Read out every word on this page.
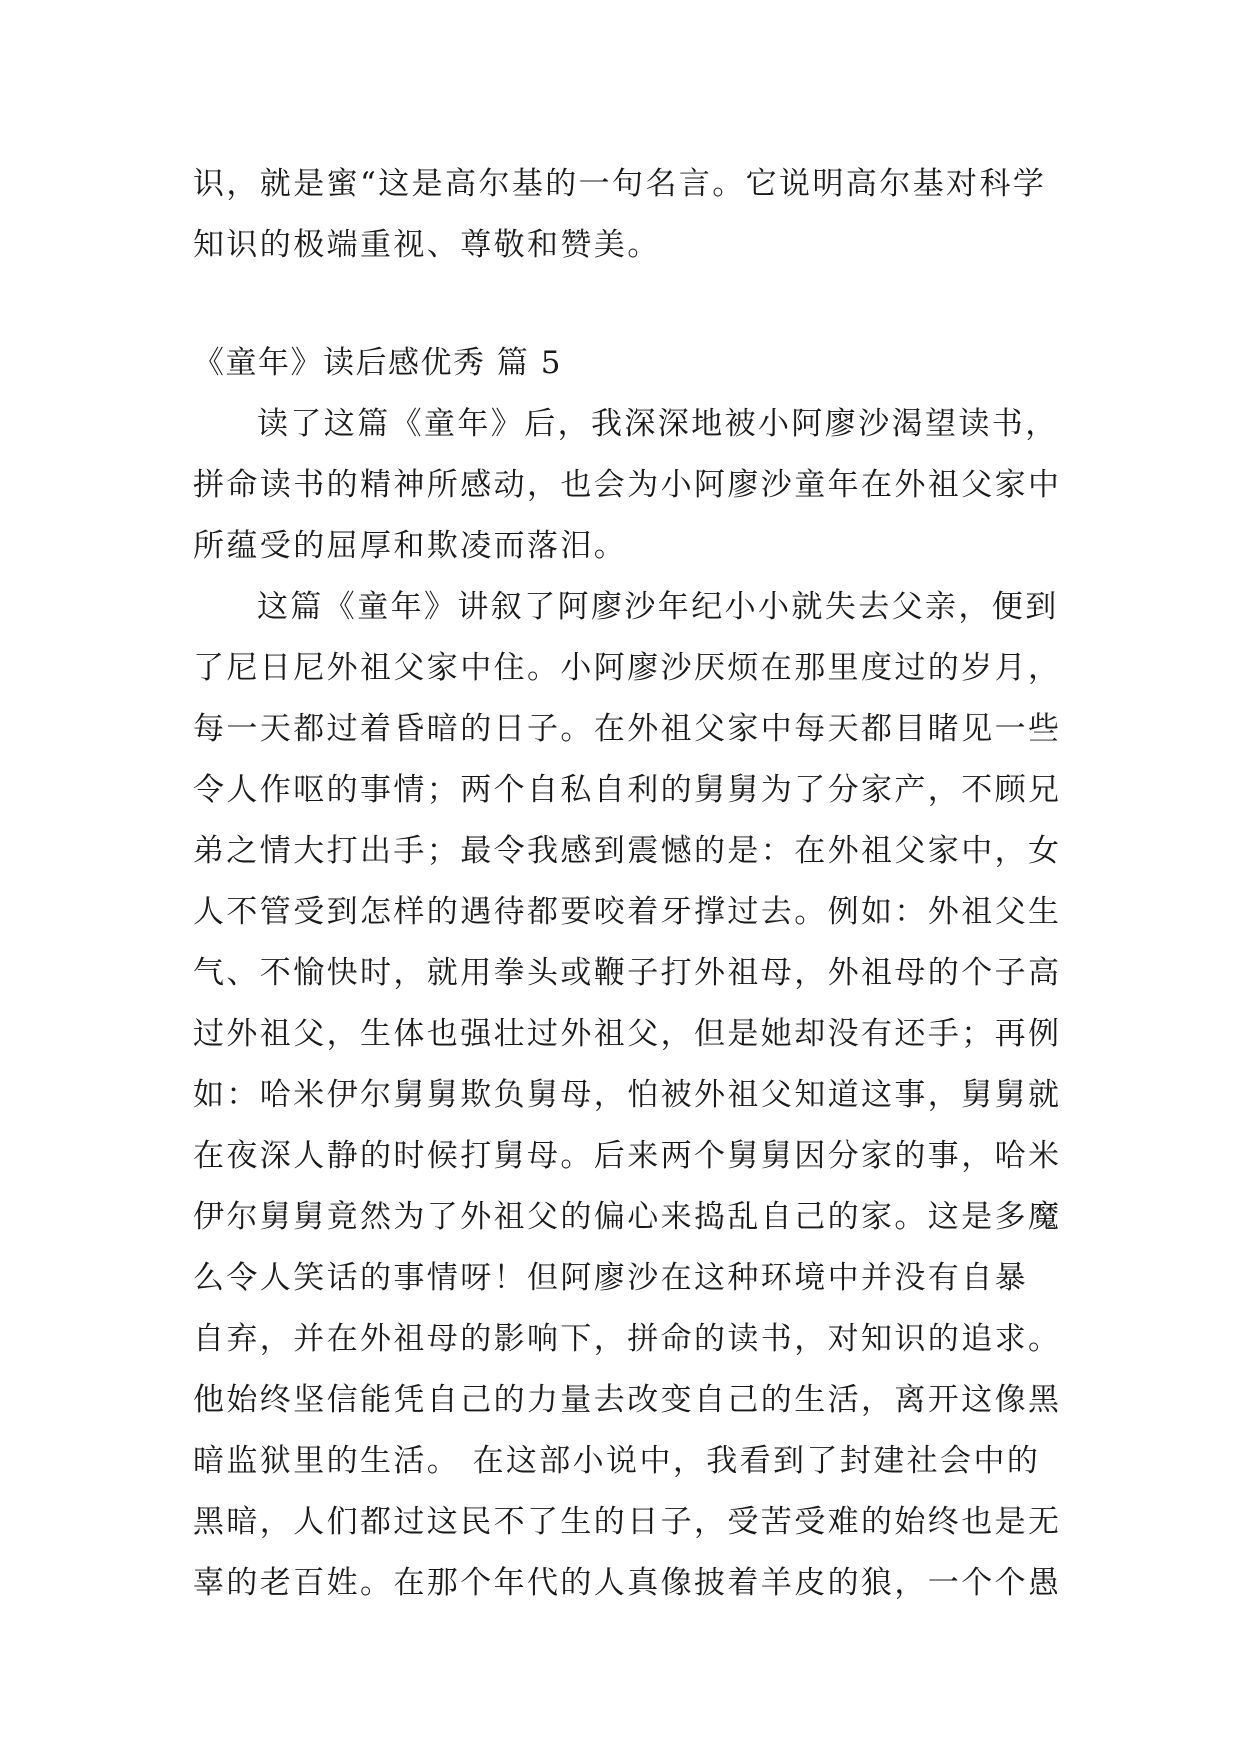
识，就是蜜“这是高尔基的一句名言。它说明高尔基对科学
知识的极端重视、尊敬和赞美。
《童年》读后感优秀 篇 5
读了这篇《童年》后，我深深地被小阿廖沙渴望读书，
拼命读书的精神所感动，也会为小阿廖沙童年在外祖父家中
所蕴受的屈厚和欺凌而落汨。
这篇《童年》讲叙了阿廖沙年纪小小就失去父亲，便到
了尼日尼外祖父家中住。小阿廖沙厌烦在那里度过的岁月，
每一天都过着昏暗的日子。在外祖父家中每天都目睹见一些
令人作呕的事情；两个自私自利的舅舅为了分家产，不顾兄
弟之情大打出手；最令我感到震憾的是：在外祖父家中，女
人不管受到怎样的遇待都要咬着牙撑过去。例如：外祖父生
气、不愉快时，就用拳头或鞭子打外祖母，外祖母的个子高
过外祖父，生体也强壮过外祖父，但是她却没有还手；再例
如：哈米伊尔舅舅欺负舅母，怕被外祖父知道这事，舅舅就
在夜深人静的时候打舅母。后来两个舅舅因分家的事，哈米
伊尔舅舅竟然为了外祖父的偏心来捣乱自己的家。这是多魔
么令人笑话的事情呀！但阿廖沙在这种环境中并没有自暴
自弃，并在外祖母的影响下，拼命的读书，对知识的追求。
他始终坚信能凭自己的力量去改变自己的生活，离开这像黑
暗监狱里的生活。 在这部小说中，我看到了封建社会中的
黑暗，人们都过这民不了生的日子，受苦受难的始终也是无
辜的老百姓。在那个年代的人真像披着羊皮的狼，一个个愚
